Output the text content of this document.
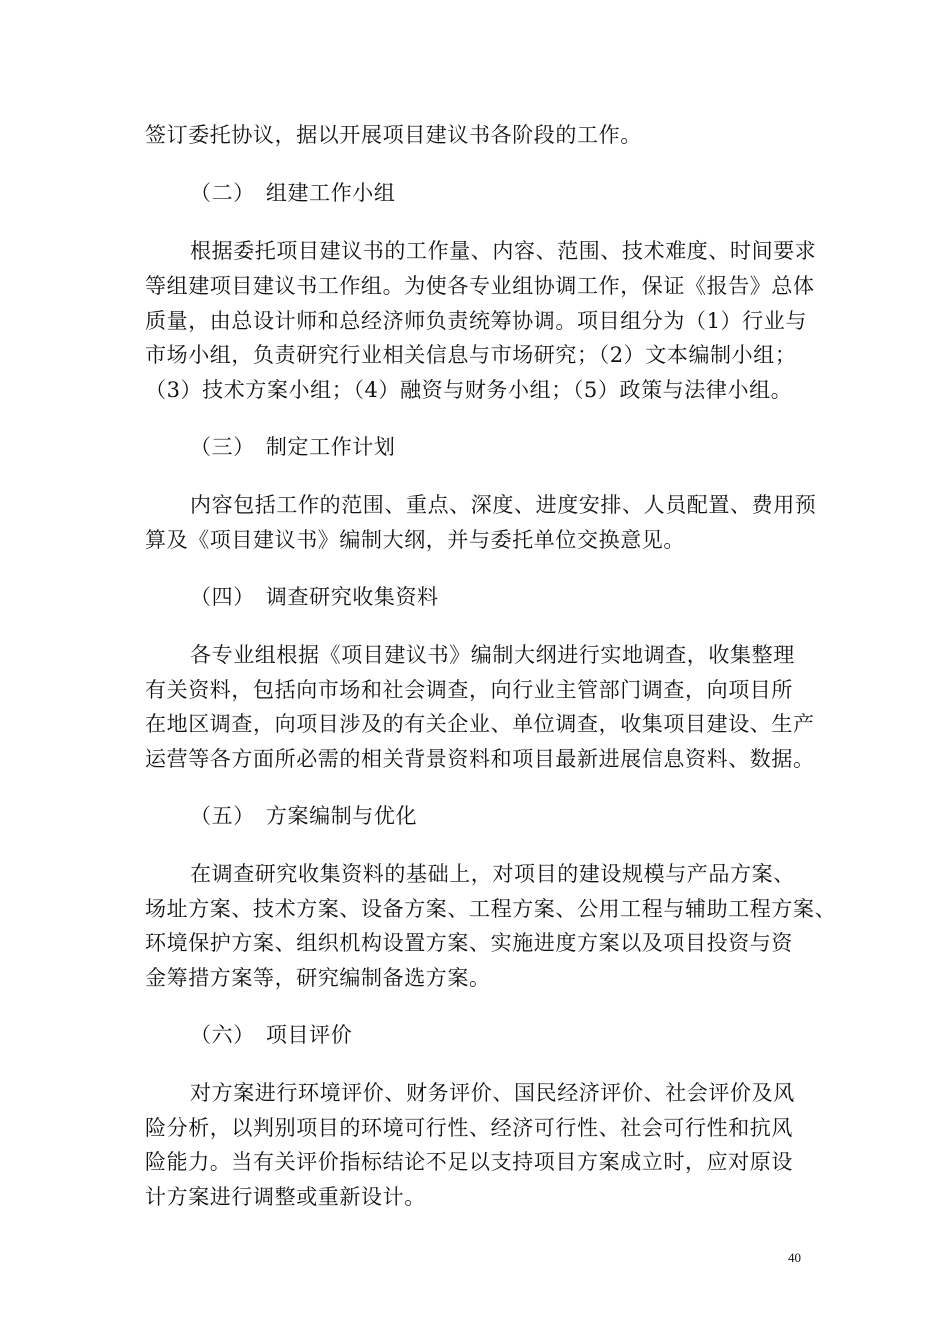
签订委托协议，据以开展项目建议书各阶段的工作。
（二）　组建工作小组
根据委托项目建议书的工作量、内容、范围、技术难度、时间要求
等组建项目建议书工作组。为使各专业组协调工作，保证《报告》总体
质量，由总设计师和总经济师负责统筹协调。项目组分为（1）行业与
市场小组，负责研究行业相关信息与市场研究；（2）文本编制小组；
（3）技术方案小组；（4）融资与财务小组；（5）政策与法律小组。
（三）　制定工作计划
内容包括工作的范围、重点、深度、进度安排、人员配置、费用预
算及《项目建议书》编制大纲，并与委托单位交换意见。
（四）　调查研究收集资料
各专业组根据《项目建议书》编制大纲进行实地调查，收集整理
有关资料，包括向市场和社会调查，向行业主管部门调查，向项目所
在地区调查，向项目涉及的有关企业、单位调查，收集项目建设、生产
运营等各方面所必需的相关背景资料和项目最新进展信息资料、数据。
（五）　方案编制与优化
在调查研究收集资料的基础上，对项目的建设规模与产品方案、
场址方案、技术方案、设备方案、工程方案、公用工程与辅助工程方案、
环境保护方案、组织机构设置方案、实施进度方案以及项目投资与资
金筹措方案等，研究编制备选方案。
（六）　项目评价
对方案进行环境评价、财务评价、国民经济评价、社会评价及风
险分析，以判别项目的环境可行性、经济可行性、社会可行性和抗风
险能力。当有关评价指标结论不足以支持项目方案成立时，应对原设
计方案进行调整或重新设计。
40
